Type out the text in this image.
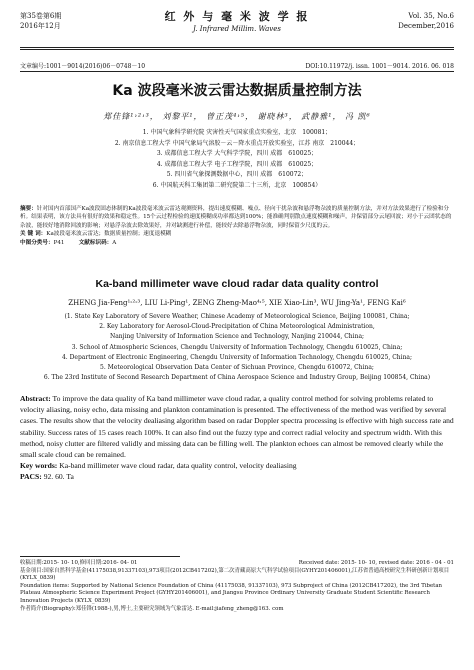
第35卷第6期
2016年12月
红 外 与 毫 米 波 学 报
J. Infrared Millim. Waves
Vol. 35, No.6
December,2016
文章编号:1001－9014(2016)06－0748－10	DOI:10.11972/j. issn. 1001－9014. 2016. 06. 018
Ka 波段毫米波云雷达数据质量控制方法
郑佳锋¹˒²˒³， 刘黎平¹， 曾正茂⁴˒⁵， 谢晓林³， 武静雅¹， 冯 凯⁶
1. 中国气象科学研究院 灾害性天气国家重点实验室，北京　100081；
2. 南京信息工程大学 中国气象局气溶胶－云－降水重点开放实验室，江苏 南京　210044；
3. 成都信息工程大学 大气科学学院，四川 成都　610025；
4. 成都信息工程大学 电子工程学院，四川 成都　610025；
5. 四川省气象探测数据中心，四川 成都　610072；
6. 中国航天科工集团第二研究院第二十三所，北京　100854）
摘要：针对国内首部国产Ka波段固态体制的Ka波段毫米波云雷达观测资料，提出速度模糊、噪点、径向干扰杂波和悬浮物杂波的质量控制方法，并对方法效果进行了检验和分析。结果表明，该方法具有很好的效果和稳定性。15个云过程检验的速度模糊成功率都达到100%；能准确判别散点速度模糊和噪声，并保留部分云尾回波；对小于云团状态的杂波，能较好地消除回波的影响；对悬浮杂波去除效果好，并对缺测进行补偿，能较好去除悬浮物杂波，同时保留少尺度的云。
关 键 词：Ka波段毫米波云雷达；数据质量控制；速度退模糊
中图分类号：P41	文献标识码：A
Ka-band millimeter wave cloud radar data quality control
ZHENG Jia-Feng¹˒²˒³, LIU Li-Ping¹, ZENG Zheng-Mao⁴˒⁵, XIE Xiao-Lin³, WU Jing-Ya¹, FENG Kai⁶
(1. State Key Laboratory of Severe Weather, Chinese Academy of Meteorological Science, Beijing 100081, China;
2. Key Laboratory for Aerosol-Cloud-Precipitation of China Meteorological Administration,
Nanjing University of Information Science and Technology, Nanjing 210044, China;
3. School of Atmospheric Sciences, Chengdu University of Information Technology, Chengdu 610025, China;
4. Department of Electronic Engineering, Chengdu University of Information Technology, Chengdu 610025, China;
5. Meteorological Observation Data Center of Sichuan Province, Chengdu 610072, China;
6. The 23rd Institute of Second Research Department of China Aerospace Science and Industry Group, Beijing 100854, China)
Abstract: To improve the data quality of Ka band millimeter wave cloud radar, a quality control method for solving problems related to velocity aliasing, noisy echo, data missing and plankton contamination is presented. The effectiveness of the method was verified by several cases. The results show that the velocity dealiasing algorithm based on radar Doppler spectra processing is effective with high success rate and stability. Success rates of 15 cases reach 100%. It can also find out the fuzzy type and correct radial velocity and spectrum width. With this method, noisy clutter are filtered validly and missing data can be filling well. The plankton echoes can almost be removed clearly while the small scale cloud can be remained.
Key words: Ka-band millimeter wave cloud radar, data quality control, velocity dealiasing
PACS: 92. 60. Ta
收稿日期:2015- 10- 10,修回日期:2016- 04- 01	Received date: 2015- 10- 10, revised date: 2016 - 04 - 01
基金项目:国家自然科学基金(41175038,91337103),973项目(2012CB417202),第二次青藏高原大气科学试验项目(GYHY201406001),江苏省普通高校研究生科研创新计划项目(KYLX_0839)
Foundation items: Supported by National Science Foundation of China (41175038, 91337103), 973 Subproject of China (2012CB417202), the 3rd Tibetan Plateau Atmospheric Science Experiment Project (GYHY201406001), and Jiangsu Province Ordinary University Graduate Student Scientific Research Innovation Projects (KYLX_0839)
作者简介(Biography):郑佳锋(1988-),男,博士,主要研究领域为气象雷达. E-mail:jiafeng_zheng@163. com
